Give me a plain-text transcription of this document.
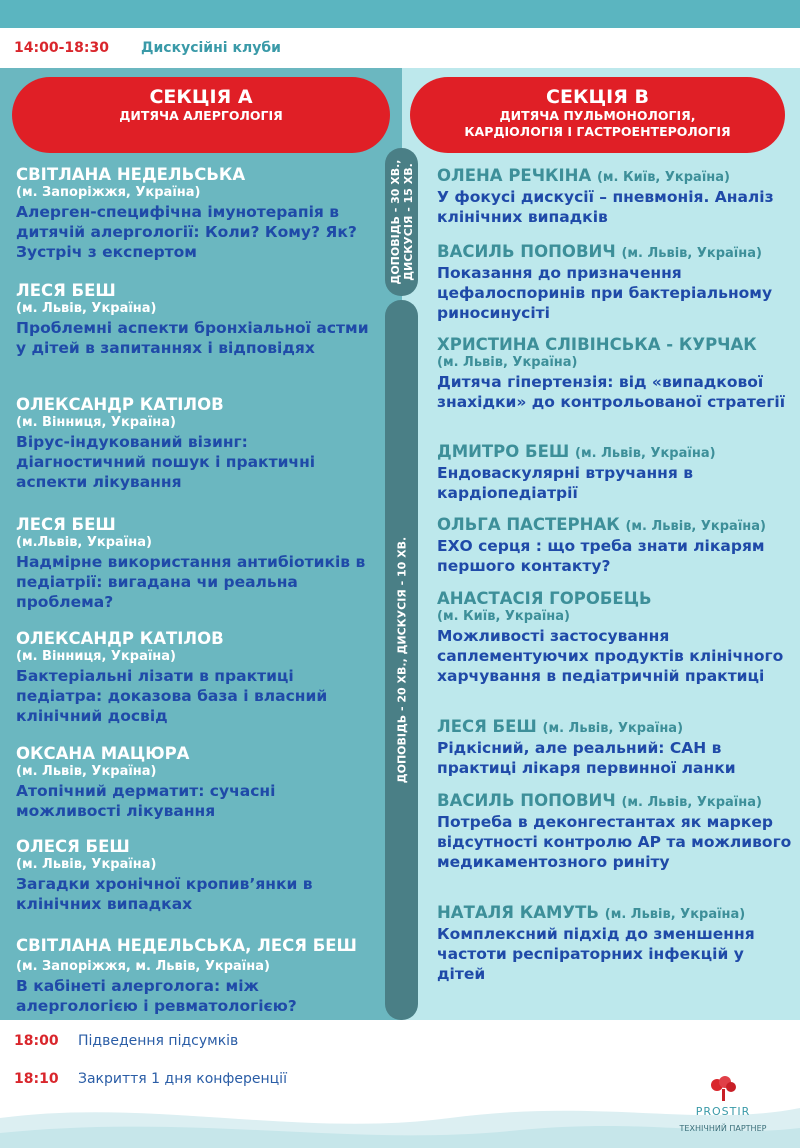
14:00-18:30	Дискусійні клуби
СЕКЦІЯ А
ДИТЯЧА АЛЕРГОЛОГІЯ
СЕКЦІЯ В
ДИТЯЧА ПУЛЬМОНОЛОГІЯ,
КАРДІОЛОГІЯ І ГАСТРОЕНТЕРОЛОГІЯ
ДОПОВІДЬ - 30 ХВ., ДИСКУСІЯ - 15 ХВ.
ДОПОВІДЬ - 20 ХВ., ДИСКУСІЯ - 10 ХВ.
СВІТЛАНА НЕДЕЛЬСЬКА
(м. Запоріжжя, Україна)
Алерген-специфічна імунотерапія в дитячій алергології: Коли? Кому? Як? Зустріч з експертом
ЛЕСЯ БЕШ
(м. Львів, Україна)
Проблемні аспекти бронхіальної астми у дітей в запитаннях і відповідях
ОЛЕКСАНДР КАТІЛОВ
(м. Вінниця, Україна)
Вірус-індукований візинг: діагностичний пошук і практичні аспекти лікування
ЛЕСЯ БЕШ
(м.Львів, Україна)
Надмірне використання антибіотиків в педіатрії: вигадана чи реальна проблема?
ОЛЕКСАНДР КАТІЛОВ
(м. Вінниця, Україна)
Бактеріальні лізати в практиці педіатра: доказова база і власний клінічний досвід
ОКСАНА МАЦЮРА
(м. Львів, Україна)
Атопічний дерматит: сучасні можливості лікування
ОЛЕСЯ БЕШ
(м. Львів, Україна)
Загадки хронічної кропив’янки в клінічних випадках
СВІТЛАНА НЕДЕЛЬСЬКА, ЛЕСЯ БЕШ (м. Запоріжжя, м. Львів, Україна)
В кабінеті алерголога: між алергологією і ревматологією?
ОЛЕНА РЕЧКІНА (м. Київ, Україна)
У фокусі дискусії – пневмонія. Аналіз клінічних випадків
ВАСИЛЬ ПОПОВИЧ (м. Львів, Україна)
Показання до призначення цефалоспоринів при бактеріальному риносинусіті
ХРИСТИНА СЛІВІНСЬКА - КУРЧАК
(м. Львів, Україна)
Дитяча гіпертензія: від «випадкової знахідки» до контрольованої стратегії
ДМИТРО БЕШ (м. Львів, Україна)
Ендоваскулярні втручання в кардіопедіатрії
ОЛЬГА ПАСТЕРНАК (м. Львів, Україна)
ЕХО серця : що треба знати лікарям першого контакту?
АНАСТАСІЯ ГОРОБЕЦЬ
(м. Київ, Україна)
Можливості застосування саплементуючих продуктів клінічного харчування в педіатричній практиці
ЛЕСЯ БЕШ (м. Львів, Україна)
Рідкісний, але реальний: САН в практиці лікаря первинної ланки
ВАСИЛЬ ПОПОВИЧ (м. Львів, Україна)
Потреба в деконгестантах як маркер відсутності контролю АР та можливого медикаментозного риніту
НАТАЛЯ КАМУТЬ (м. Львів, Україна)
Комплексний підхід до зменшення частоти респіраторних інфекцій у дітей
18:00	Підведення підсумків
18:10	Закриття 1 дня конференції
PROSTIR
ТЕХНІЧНИЙ ПАРТНЕР
